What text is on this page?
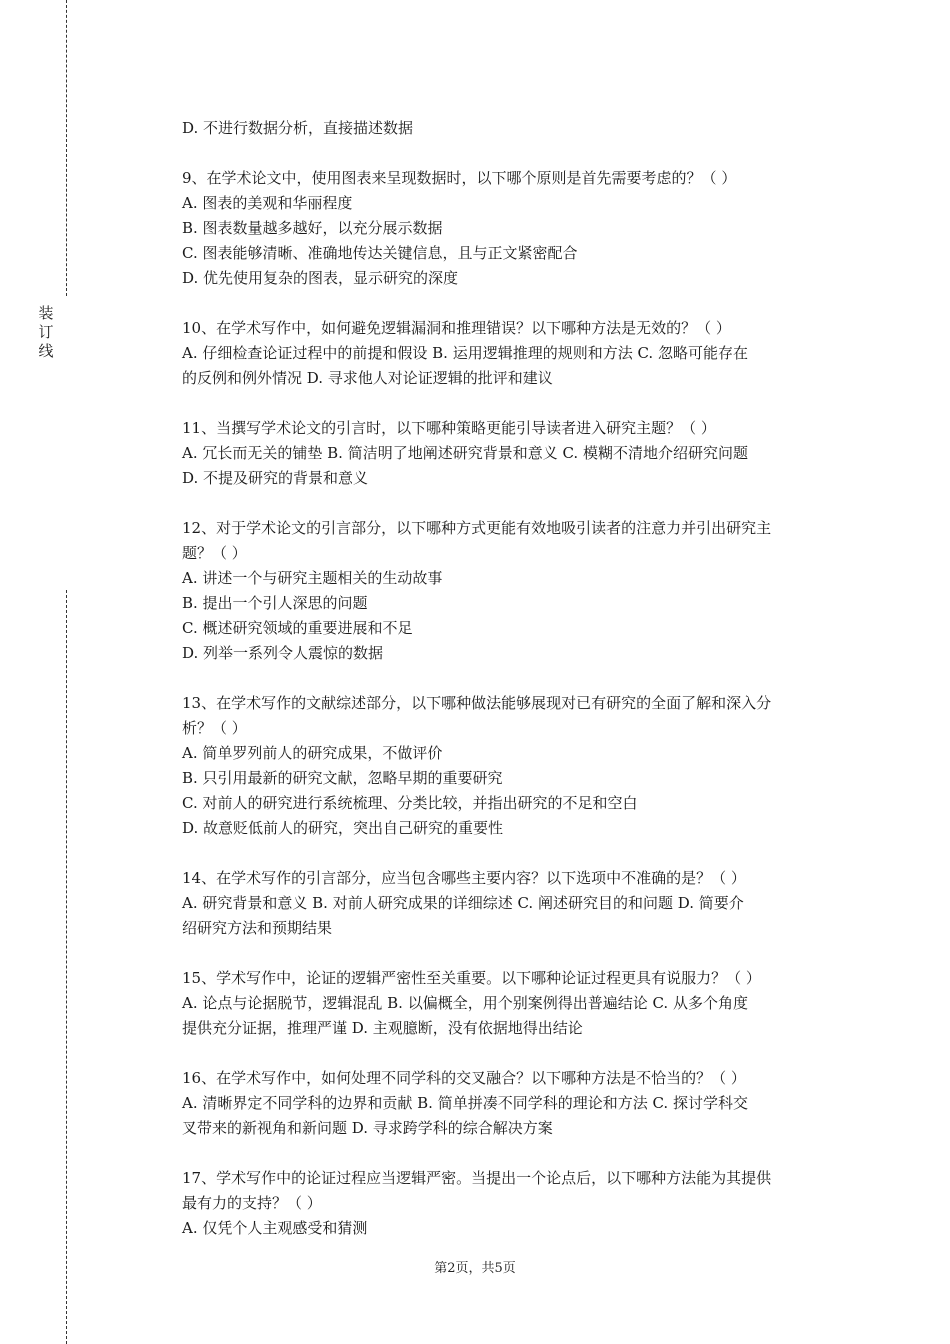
装
订
线
D. 不进行数据分析，直接描述数据
9、在学术论文中，使用图表来呈现数据时，以下哪个原则是首先需要考虑的？（ ）
A. 图表的美观和华丽程度
B. 图表数量越多越好，以充分展示数据
C. 图表能够清晰、准确地传达关键信息，且与正文紧密配合
D. 优先使用复杂的图表，显示研究的深度
10、在学术写作中，如何避免逻辑漏洞和推理错误？以下哪种方法是无效的？（ ）
A. 仔细检查论证过程中的前提和假设 B. 运用逻辑推理的规则和方法 C. 忽略可能存在
的反例和例外情况 D. 寻求他人对论证逻辑的批评和建议
11、当撰写学术论文的引言时，以下哪种策略更能引导读者进入研究主题？（ ）
A. 冗长而无关的铺垫 B. 简洁明了地阐述研究背景和意义 C. 模糊不清地介绍研究问题
D. 不提及研究的背景和意义
12、对于学术论文的引言部分，以下哪种方式更能有效地吸引读者的注意力并引出研究主
题？（ ）
A. 讲述一个与研究主题相关的生动故事
B. 提出一个引人深思的问题
C. 概述研究领域的重要进展和不足
D. 列举一系列令人震惊的数据
13、在学术写作的文献综述部分，以下哪种做法能够展现对已有研究的全面了解和深入分
析？（ ）
A. 简单罗列前人的研究成果，不做评价
B. 只引用最新的研究文献，忽略早期的重要研究
C. 对前人的研究进行系统梳理、分类比较，并指出研究的不足和空白
D. 故意贬低前人的研究，突出自己研究的重要性
14、在学术写作的引言部分，应当包含哪些主要内容？以下选项中不准确的是？（ ）
A. 研究背景和意义 B. 对前人研究成果的详细综述 C. 阐述研究目的和问题 D. 简要介
绍研究方法和预期结果
15、学术写作中，论证的逻辑严密性至关重要。以下哪种论证过程更具有说服力？（ ）
A. 论点与论据脱节，逻辑混乱 B. 以偏概全，用个别案例得出普遍结论 C. 从多个角度
提供充分证据，推理严谨 D. 主观臆断，没有依据地得出结论
16、在学术写作中，如何处理不同学科的交叉融合？以下哪种方法是不恰当的？（ ）
A. 清晰界定不同学科的边界和贡献 B. 简单拼凑不同学科的理论和方法 C. 探讨学科交
叉带来的新视角和新问题 D. 寻求跨学科的综合解决方案
17、学术写作中的论证过程应当逻辑严密。当提出一个论点后，以下哪种方法能为其提供
最有力的支持？（ ）
A. 仅凭个人主观感受和猜测
第2页，共5页
